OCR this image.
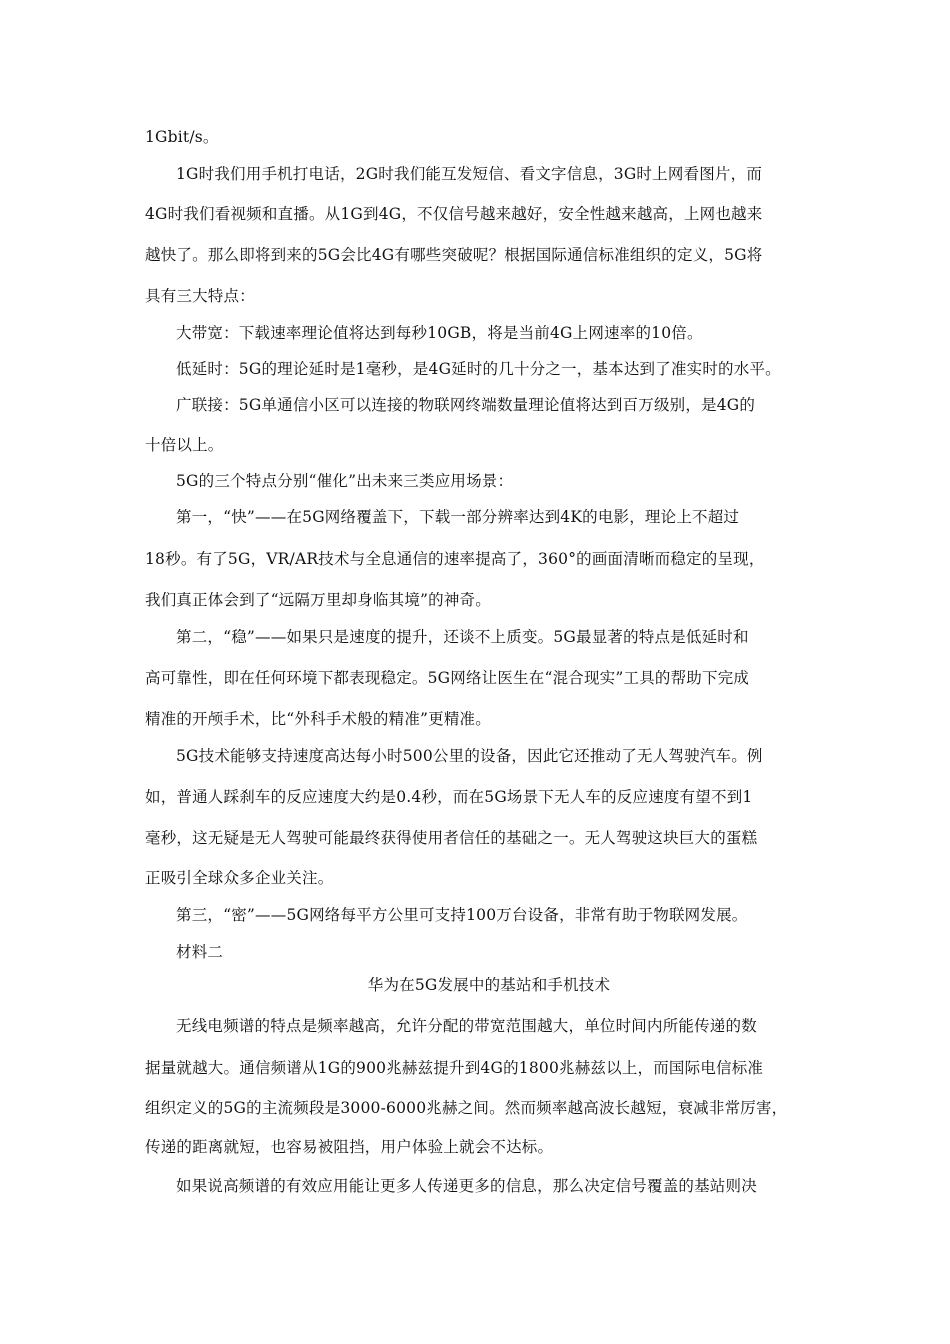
1Gbit/s。
1G时我们用手机打电话，2G时我们能互发短信、看文字信息，3G时上网看图片，而
4G时我们看视频和直播。从1G到4G，不仅信号越来越好，安全性越来越高，上网也越来
越快了。那么即将到来的5G会比4G有哪些突破呢？根据国际通信标准组织的定义，5G将
具有三大特点：
大带宽：下载速率理论值将达到每秒10GB，将是当前4G上网速率的10倍。
低延时：5G的理论延时是1毫秒，是4G延时的几十分之一，基本达到了准实时的水平。
广联接：5G单通信小区可以连接的物联网终端数量理论值将达到百万级别，是4G的
十倍以上。
5G的三个特点分别“催化”出未来三类应用场景：
第一，“快”——在5G网络覆盖下，下载一部分辨率达到4K的电影，理论上不超过
18秒。有了5G，VR/AR技术与全息通信的速率提高了，360°的画面清晰而稳定的呈现，
我们真正体会到了“远隔万里却身临其境”的神奇。
第二，“稳”——如果只是速度的提升，还谈不上质变。5G最显著的特点是低延时和
高可靠性，即在任何环境下都表现稳定。5G网络让医生在“混合现实”工具的帮助下完成
精准的开颅手术，比“外科手术般的精准”更精准。
5G技术能够支持速度高达每小时500公里的设备，因此它还推动了无人驾驶汽车。例
如，普通人踩刹车的反应速度大约是0.4秒，而在5G场景下无人车的反应速度有望不到1
毫秒，这无疑是无人驾驶可能最终获得使用者信任的基础之一。无人驾驶这块巨大的蛋糕
正吸引全球众多企业关注。
第三，“密”——5G网络每平方公里可支持100万台设备，非常有助于物联网发展。
材料二
华为在5G发展中的基站和手机技术
无线电频谱的特点是频率越高，允许分配的带宽范围越大，单位时间内所能传递的数
据量就越大。通信频谱从1G的900兆赫兹提升到4G的1800兆赫兹以上，而国际电信标准
组织定义的5G的主流频段是3000-6000兆赫之间。然而频率越高波长越短，衰减非常厉害，
传递的距离就短，也容易被阻挡，用户体验上就会不达标。
如果说高频谱的有效应用能让更多人传递更多的信息，那么决定信号覆盖的基站则决
